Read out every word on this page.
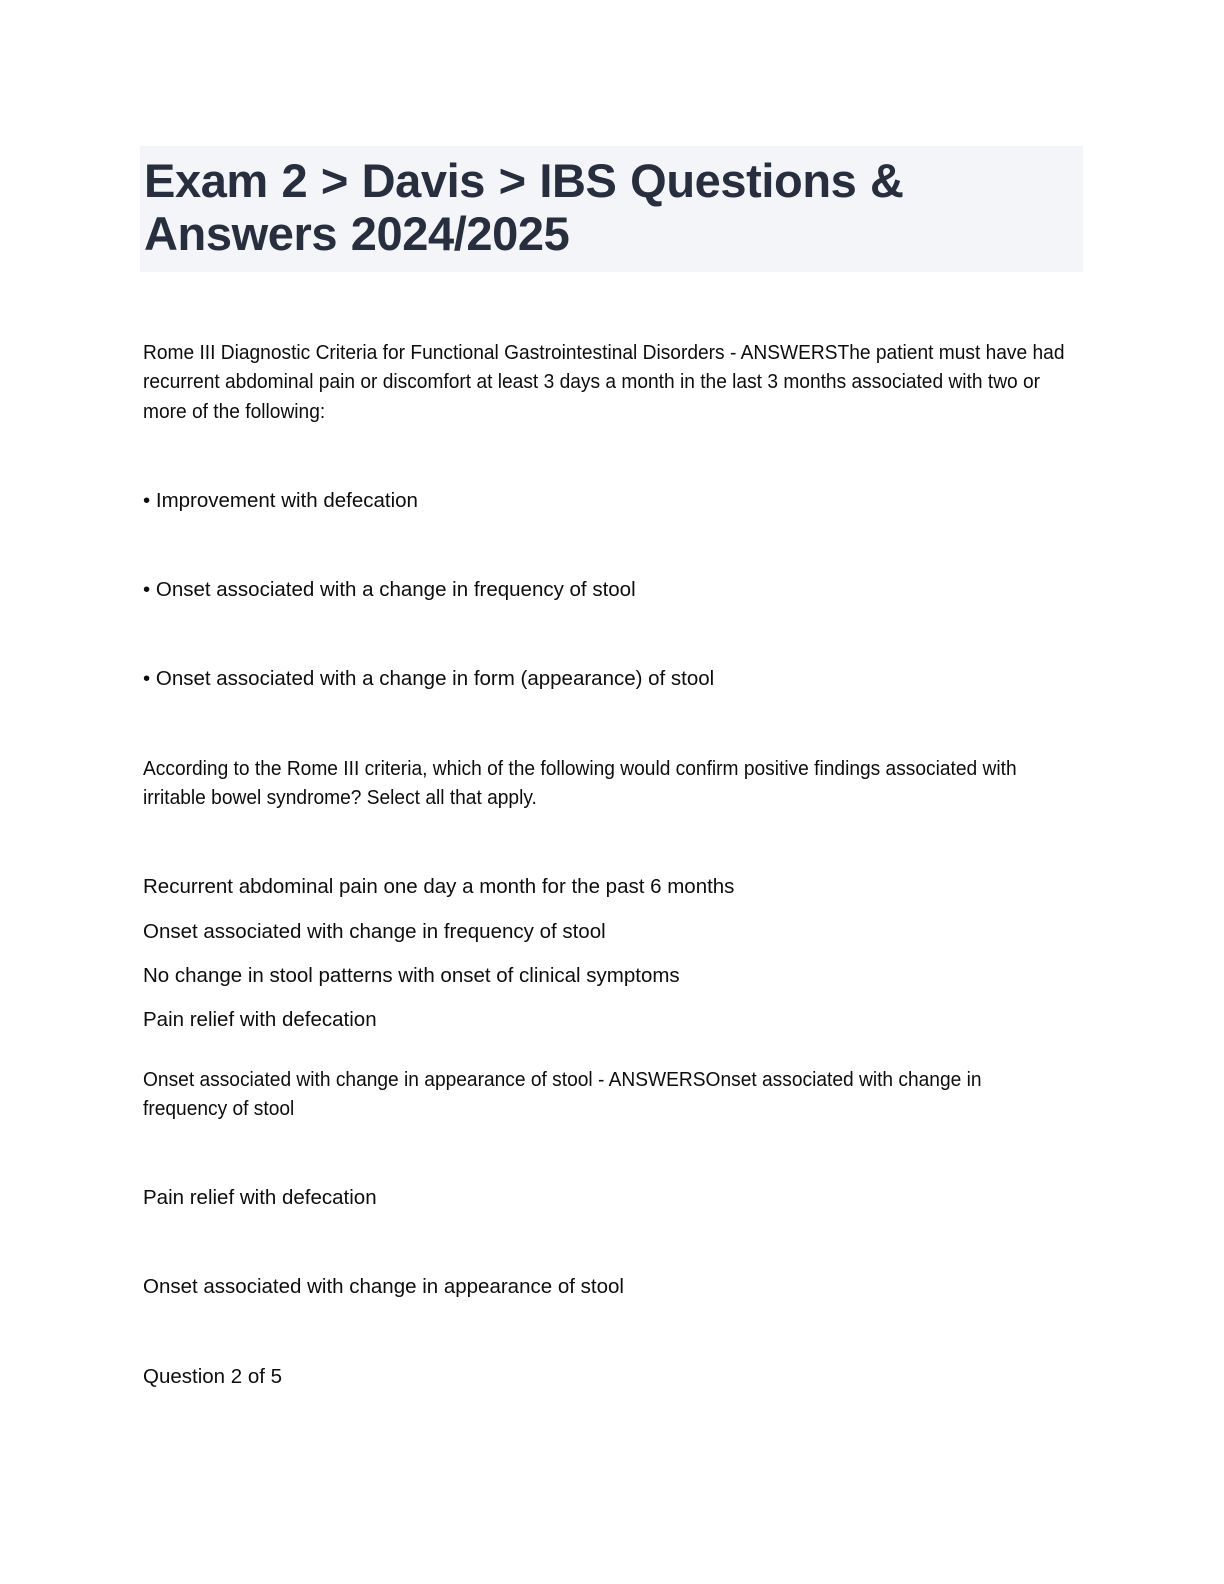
Exam 2 > Davis > IBS Questions & Answers 2024/2025

Rome III Diagnostic Criteria for Functional Gastrointestinal Disorders - ANSWERSThe patient must have had recurrent abdominal pain or discomfort at least 3 days a month in the last 3 months associated with two or more of the following:

• Improvement with defecation

• Onset associated with a change in frequency of stool

• Onset associated with a change in form (appearance) of stool

According to the Rome III criteria, which of the following would confirm positive findings associated with irritable bowel syndrome? Select all that apply.

Recurrent abdominal pain one day a month for the past 6 months

Onset associated with change in frequency of stool

No change in stool patterns with onset of clinical symptoms

Pain relief with defecation

Onset associated with change in appearance of stool - ANSWERSOnset associated with change in frequency of stool

Pain relief with defecation

Onset associated with change in appearance of stool

Question 2 of 5
